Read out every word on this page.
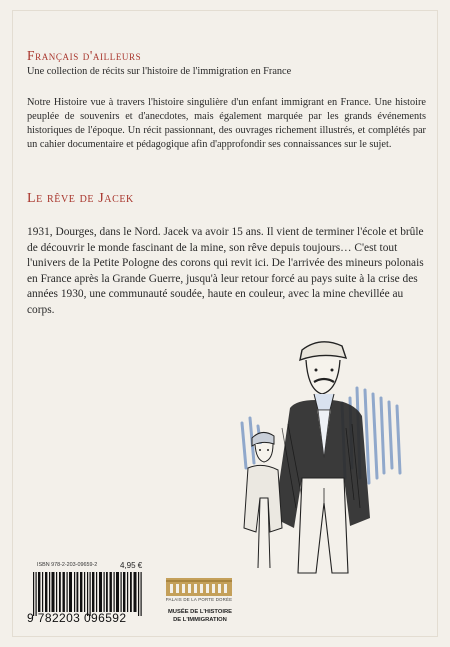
Français d'ailleurs

Une collection de récits sur l'histoire de l'immigration en France

Notre Histoire vue à travers l'histoire singulière d'un enfant immigrant en France. Une histoire peuplée de souvenirs et d'anecdotes, mais également marquée par les grands événements historiques de l'époque. Un récit passionnant, des ouvrages richement illustrés, et complétés par un cahier documentaire et pédagogique afin d'approfondir ses connaissances sur le sujet.

Le rêve de Jacek

1931, Dourges, dans le Nord. Jacek va avoir 15 ans. Il vient de terminer l'école et brûle de découvrir le monde fascinant de la mine, son rêve depuis toujours… C'est tout l'univers de la Petite Pologne des corons qui revit ici. De l'arrivée des mineurs polonais en France après la Grande Guerre, jusqu'à leur retour forcé au pays suite à la crise des années 1930, une communauté soudée, haute en couleur, avec la mine chevillée au corps.

ISBN 978-2-203-09659-2	4,95 €

9 782203 096592

PALAIS DE LA PORTE DORÉE

MUSÉE DE L'HISTOIRE

DE L'IMMIGRATION
